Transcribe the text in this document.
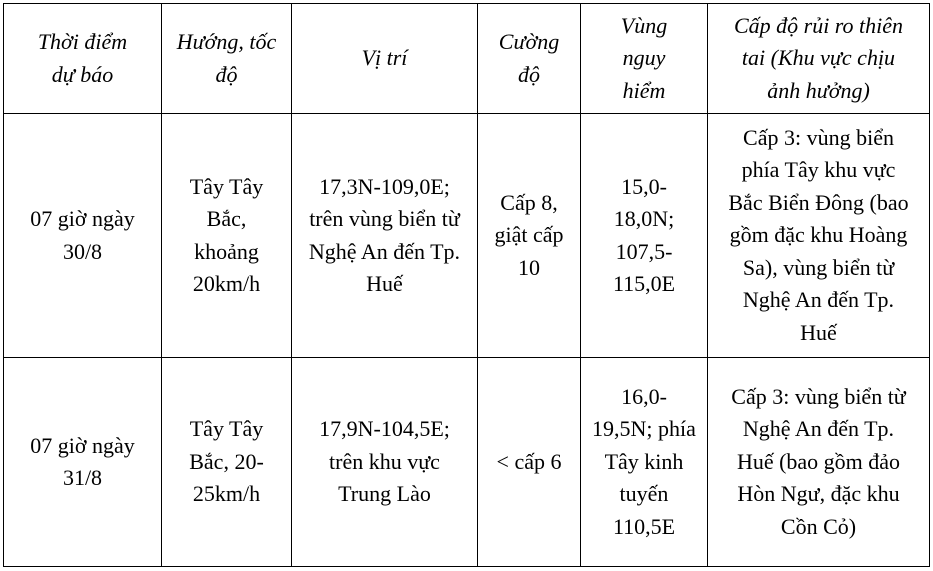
Thời điểm dự báo	Hướng, tốc độ	Vị trí	Cường độ	Vùng nguy hiểm	Cấp độ rủi ro thiên tai (Khu vực chịu ảnh hưởng)
07 giờ ngày 30/8	Tây Tây Bắc, khoảng 20km/h	17,3N-109,0E; trên vùng biển từ Nghệ An đến Tp. Huế	Cấp 8, giật cấp 10	15,0-18,0N; 107,5-115,0E	Cấp 3: vùng biển phía Tây khu vực Bắc Biển Đông (bao gồm đặc khu Hoàng Sa), vùng biển từ Nghệ An đến Tp. Huế
07 giờ ngày 31/8	Tây Tây Bắc, 20-25km/h	17,9N-104,5E; trên khu vực Trung Lào	< cấp 6	16,0-19,5N; phía Tây kinh tuyến 110,5E	Cấp 3: vùng biển từ Nghệ An đến Tp. Huế (bao gồm đảo Hòn Ngư, đặc khu Cồn Cỏ)
